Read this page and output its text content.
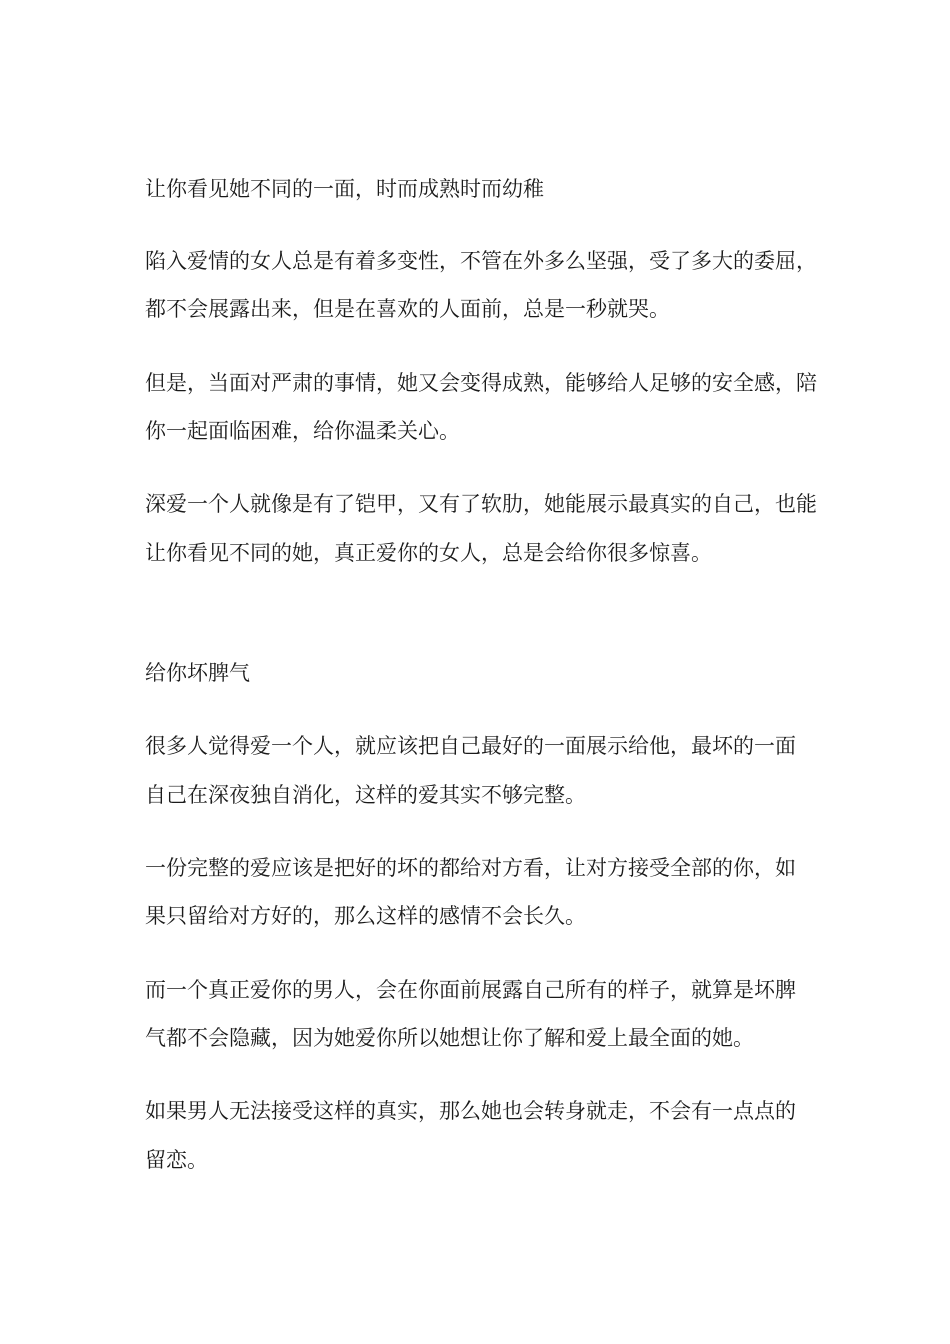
让你看见她不同的一面，时而成熟时而幼稚
陷入爱情的女人总是有着多变性，不管在外多么坚强，受了多大的委屈，
都不会展露出来，但是在喜欢的人面前，总是一秒就哭。
但是，当面对严肃的事情，她又会变得成熟，能够给人足够的安全感，陪
你一起面临困难，给你温柔关心。
深爱一个人就像是有了铠甲，又有了软肋，她能展示最真实的自己，也能
让你看见不同的她，真正爱你的女人，总是会给你很多惊喜。
给你坏脾气
很多人觉得爱一个人，就应该把自己最好的一面展示给他，最坏的一面
自己在深夜独自消化，这样的爱其实不够完整。
一份完整的爱应该是把好的坏的都给对方看，让对方接受全部的你，如
果只留给对方好的，那么这样的感情不会长久。
而一个真正爱你的男人，会在你面前展露自己所有的样子，就算是坏脾
气都不会隐藏，因为她爱你所以她想让你了解和爱上最全面的她。
如果男人无法接受这样的真实，那么她也会转身就走，不会有一点点的
留恋。
